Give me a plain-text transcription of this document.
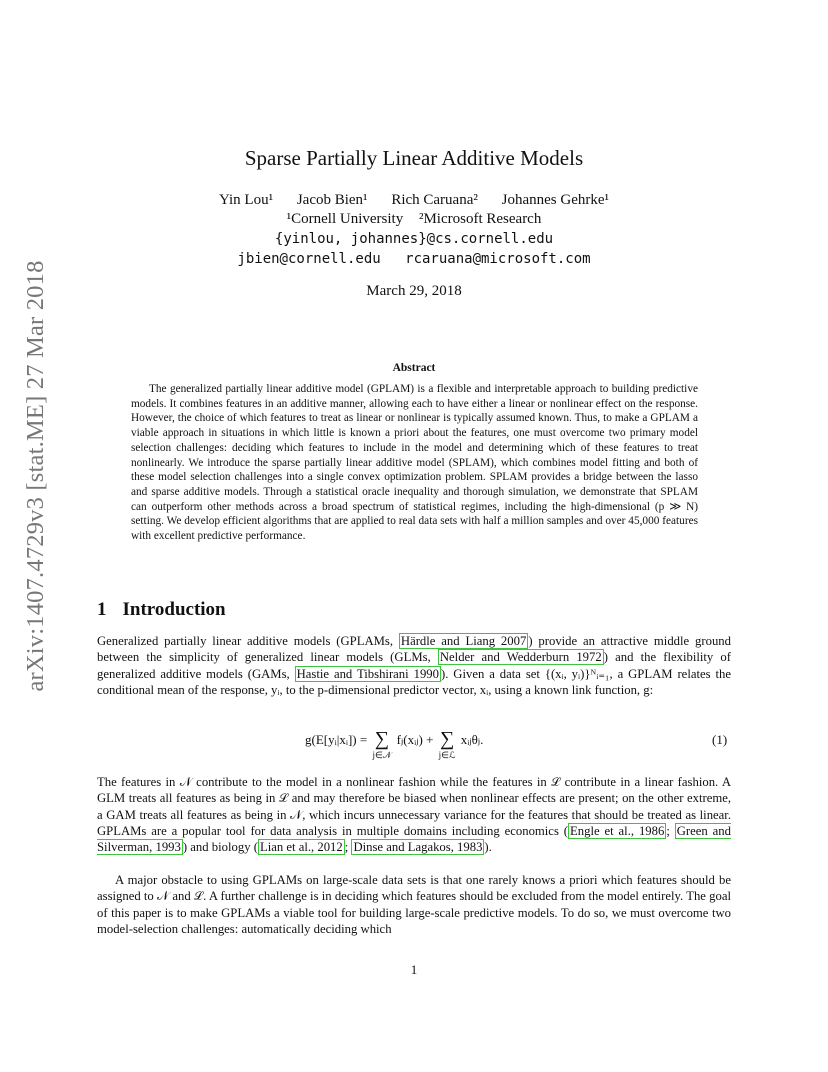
arXiv:1407.4729v3 [stat.ME] 27 Mar 2018
Sparse Partially Linear Additive Models
Yin Lou¹ Jacob Bien¹ Rich Caruana² Johannes Gehrke¹
¹Cornell University ²Microsoft Research
{yinlou, johannes}@cs.cornell.edu
jbien@cornell.edu rcaruana@microsoft.com
March 29, 2018
Abstract
The generalized partially linear additive model (GPLAM) is a flexible and interpretable approach to building predictive models. It combines features in an additive manner, allowing each to have either a linear or nonlinear effect on the response. However, the choice of which features to treat as linear or nonlinear is typically assumed known. Thus, to make a GPLAM a viable approach in situations in which little is known a priori about the features, one must overcome two primary model selection challenges: deciding which features to include in the model and determining which of these features to treat nonlinearly. We introduce the sparse partially linear additive model (SPLAM), which combines model fitting and both of these model selection challenges into a single convex optimization problem. SPLAM provides a bridge between the lasso and sparse additive models. Through a statistical oracle inequality and thorough simulation, we demonstrate that SPLAM can outperform other methods across a broad spectrum of statistical regimes, including the high-dimensional (p ≫ N) setting. We develop efficient algorithms that are applied to real data sets with half a million samples and over 45,000 features with excellent predictive performance.
1 Introduction
Generalized partially linear additive models (GPLAMs, Härdle and Liang 2007 ) provide an attractive middle ground between the simplicity of generalized linear models (GLMs, Nelder and Wedderburn 1972 ) and the flexibility of generalized additive models (GAMs, Hastie and Tibshirani 1990 ). Given a data set {(xᵢ, yᵢ)}ᴺᵢ₌₁, a GPLAM relates the conditional mean of the response, yᵢ, to the p-dimensional predictor vector, xᵢ, using a known link function, g:
g(E[yᵢ|xᵢ]) = ∑
j∈𝒩
fⱼ(xᵢⱼ) + ∑
j∈ℒ
xᵢⱼθⱼ.	(1)
The features in 𝒩 contribute to the model in a nonlinear fashion while the features in ℒ contribute in a linear fashion. A GLM treats all features as being in ℒ and may therefore be biased when nonlinear effects are present; on the other extreme, a GAM treats all features as being in 𝒩, which incurs unnecessary variance for the features that should be treated as linear. GPLAMs are a popular tool for data analysis in multiple domains including economics ( Engle et al., 1986 ; Green and Silverman, 1993 ) and biology ( Lian et al., 2012 ; Dinse and Lagakos, 1983 ).
A major obstacle to using GPLAMs on large-scale data sets is that one rarely knows a priori which features should be assigned to 𝒩 and ℒ. A further challenge is in deciding which features should be excluded from the model entirely. The goal of this paper is to make GPLAMs a viable tool for building large-scale predictive models. To do so, we must overcome two model-selection challenges: automatically deciding which
1
